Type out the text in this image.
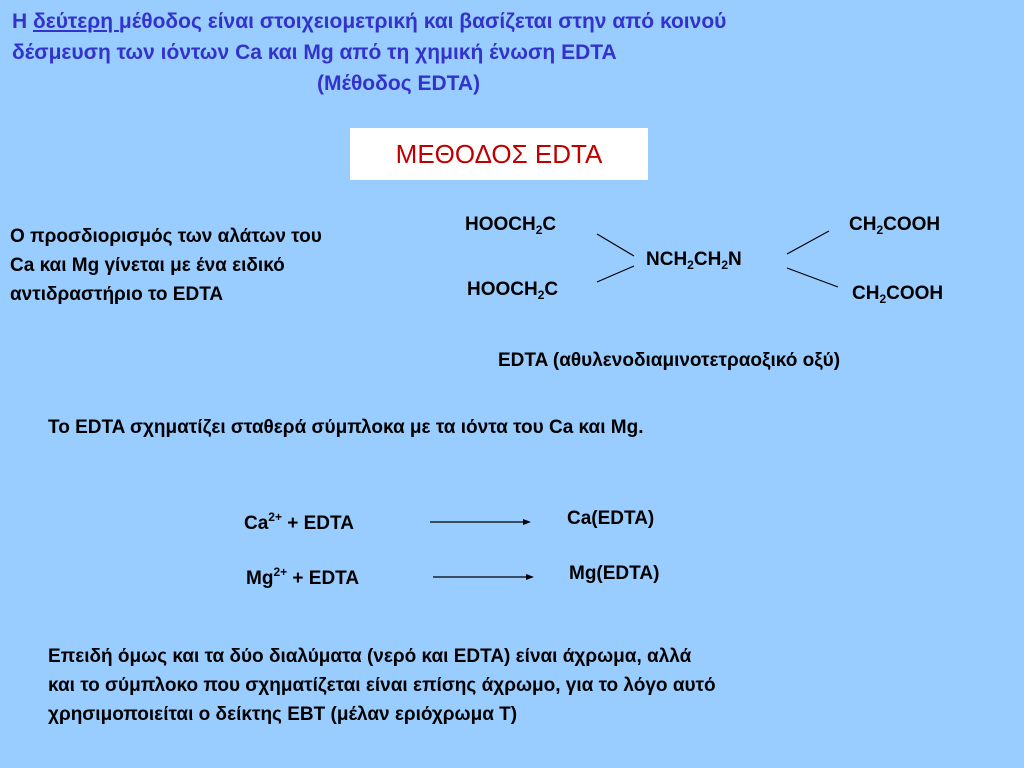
Η δεύτερη μέθοδος είναι στοιχειομετρική και βασίζεται στην από κοινού
δέσμευση των ιόντων Ca και Mg από τη χημική ένωση EDTA
(Μέθοδος EDTA)
ΜΕΘΟΔΟΣ EDTA
Ο προσδιορισμός των αλάτων του
Ca και Mg γίνεται με ένα ειδικό
αντιδραστήριο το EDTA
$HOOCH_2C$
$HOOCH_2C$
$NCH_2CH_2N$
$CH_2COOH$
$CH_2COOH$
EDTA (αθυλενοδιαμινοτετραοξικό οξύ)
Το EDTA σχηματίζει σταθερά σύμπλοκα με τα ιόντα του Ca και Mg.
$Ca^{2+}$ + EDTA	Ca(EDTA)
$Mg^{2+}$ + EDTA	Mg(EDTA)
Επειδή όμως και τα δύο διαλύματα (νερό και EDTA) είναι άχρωμα, αλλά
και το σύμπλοκο που σχηματίζεται είναι επίσης άχρωμο, για το λόγο αυτό
χρησιμοποιείται ο δείκτης EBT (μέλαν εριόχρωμα Τ)
